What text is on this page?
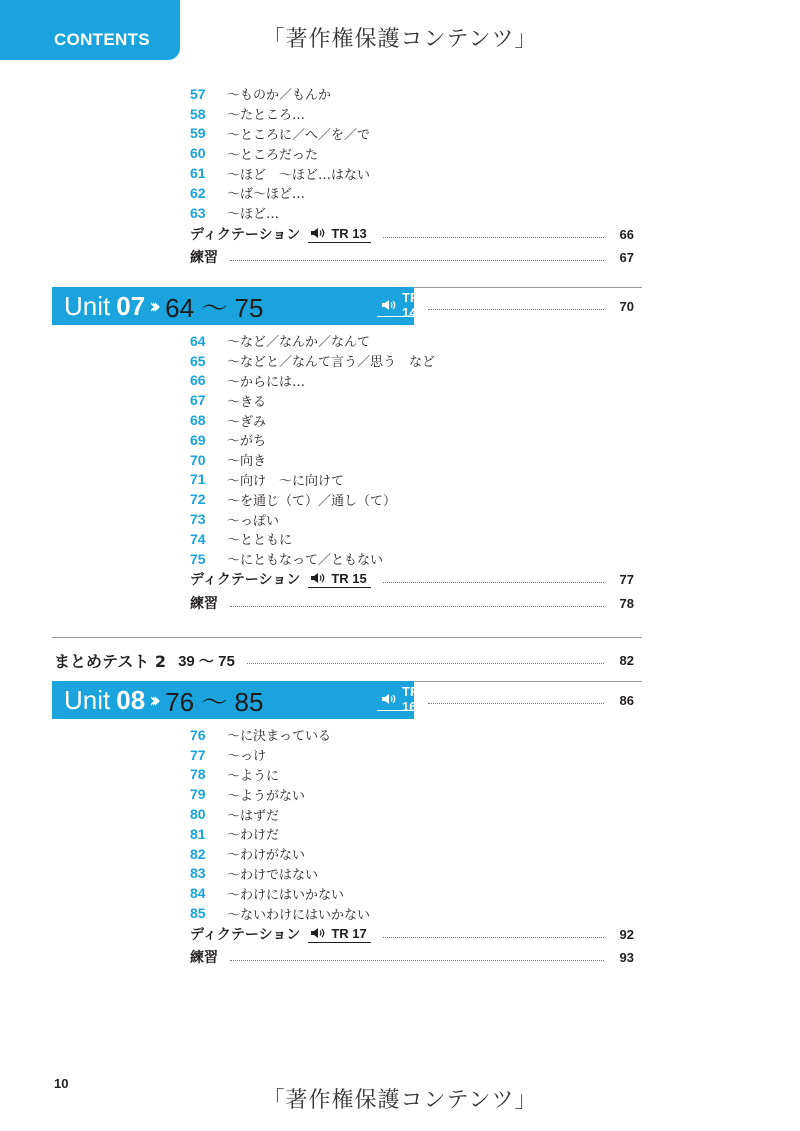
CONTENTS	「著作権保護コンテンツ」
57	～ものか／もんか
58	～たところ…
59	～ところに／へ／を／で
60	～ところだった
61	～ほど　～ほど…はない
62	～ば～ほど…
63	～ほど…
ディクテーション TR 13	66
練習	67
Unit 07 ››› 64 ～ 75	TR 14	70
64	～など／なんか／なんて
65	～などと／なんて言う／思う　など
66	～からには…
67	～きる
68	～ぎみ
69	～がち
70	～向き
71	～向け　～に向けて
72	～を通じ（て）／通し（て）
73	～っぽい
74	～とともに
75	～にともなって／ともない
ディクテーション TR 15	77
練習	78
まとめテスト 2 39 ～ 75	82
Unit 08 ››› 76 ～ 85	TR 16	86
76	～に決まっている
77	～っけ
78	～ように
79	～ようがない
80	～はずだ
81	～わけだ
82	～わけがない
83	～わけではない
84	～わけにはいかない
85	～ないわけにはいかない
ディクテーション TR 17	92
練習	93
10
「著作権保護コンテンツ」
